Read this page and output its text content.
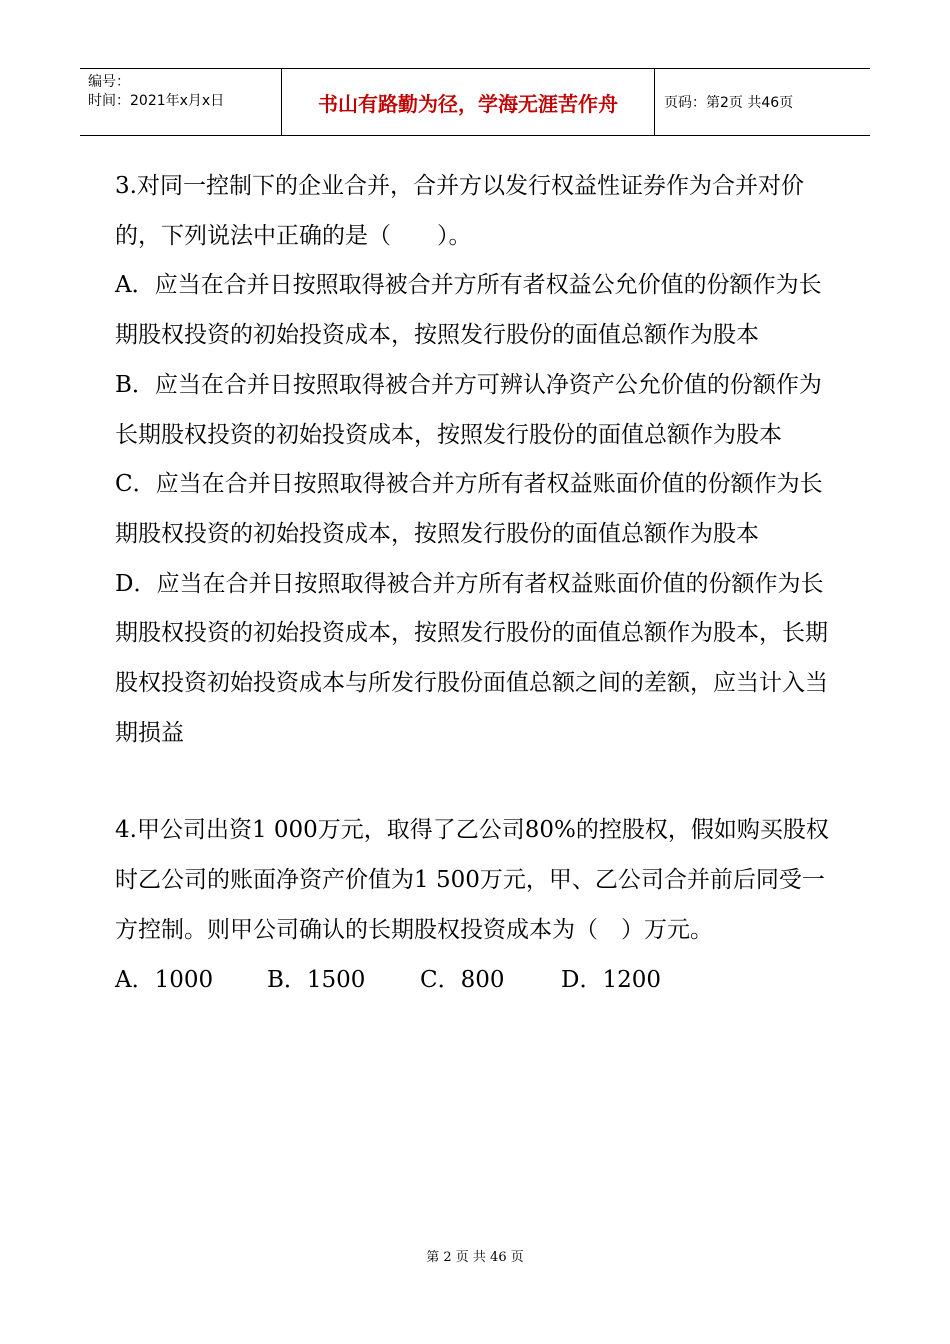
编号：
时间：2021年x月x日	书山有路勤为径，学海无涯苦作舟	页码：第2页 共46页

3.对同一控制下的企业合并，合并方以发行权益性证券作为合并对价的，下列说法中正确的是（　　）。

A．应当在合并日按照取得被合并方所有者权益公允价值的份额作为长期股权投资的初始投资成本，按照发行股份的面值总额作为股本

B．应当在合并日按照取得被合并方可辨认净资产公允价值的份额作为长期股权投资的初始投资成本，按照发行股份的面值总额作为股本

C．应当在合并日按照取得被合并方所有者权益账面价值的份额作为长期股权投资的初始投资成本，按照发行股份的面值总额作为股本

D．应当在合并日按照取得被合并方所有者权益账面价值的份额作为长期股权投资的初始投资成本，按照发行股份的面值总额作为股本，长期股权投资初始投资成本与所发行股份面值总额之间的差额，应当计入当期损益

4.甲公司出资1 000万元，取得了乙公司80%的控股权，假如购买股权时乙公司的账面净资产价值为1 500万元，甲、乙公司合并前后同受一方控制。则甲公司确认的长期股权投资成本为（　）万元。

A．1000	B．1500	C．800	D．1200
第 2 页 共 46 页
